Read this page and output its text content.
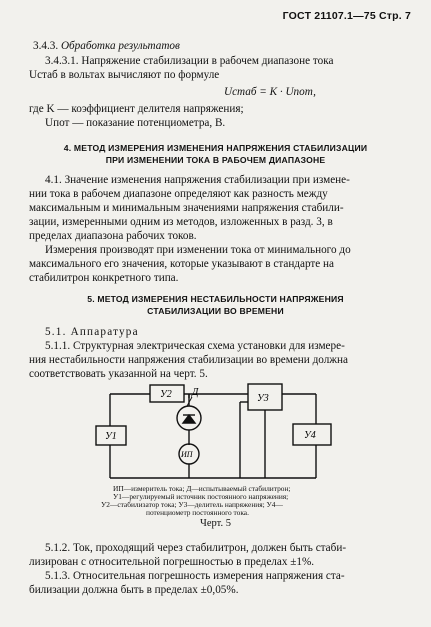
ГОСТ 21107.1—75 Стр. 7
3.4.3. Обработка результатов
3.4.3.1. Напряжение стабилизации в рабочем диапазоне тока
Uстаб в вольтах вычисляют по формуле
Uстаб = K · Uпот,
где K — коэффициент делителя напряжения;
Uпот — показание потенциометра, В.
4. МЕТОД ИЗМЕРЕНИЯ ИЗМЕНЕНИЯ НАПРЯЖЕНИЯ СТАБИЛИЗАЦИИ
ПРИ ИЗМЕНЕНИИ ТОКА В РАБОЧЕМ ДИАПАЗОНЕ
4.1. Значение изменения напряжения стабилизации при измене-
нии тока в рабочем диапазоне определяют как разность между
максимальным и минимальным значениями напряжения стабили-
зации, измеренными одним из методов, изложенных в разд. 3, в
пределах диапазона рабочих токов.
Измерения производят при изменении тока от минимального до
максимального его значения, которые указывают в стандарте на
стабилитрон конкретного типа.
5. МЕТОД ИЗМЕРЕНИЯ НЕСТАБИЛЬНОСТИ НАПРЯЖЕНИЯ
СТАБИЛИЗАЦИИ ВО ВРЕМЕНИ
5.1. Аппаратура
5.1.1. Структурная электрическая схема установки для измере-
ния нестабильности напряжения стабилизации во времени должна
соответствовать указанной на черт. 5.
Д
У1
У2	У3
У4
ИП
ИП—измеритель тока; Д—испытываемый стабилитрон;
У1—регулируемый источник постоянного напряжения;
У2—стабилизатор тока; У3—делитель напряжения; У4—
потенциометр постоянного тока.
Черт. 5
5.1.2. Ток, проходящий через стабилитрон, должен быть стаби-
лизирован с относительной погрешностью в пределах ±1%.
5.1.3. Относительная погрешность измерения напряжения ста-
билизации должна быть в пределах ±0,05%.
